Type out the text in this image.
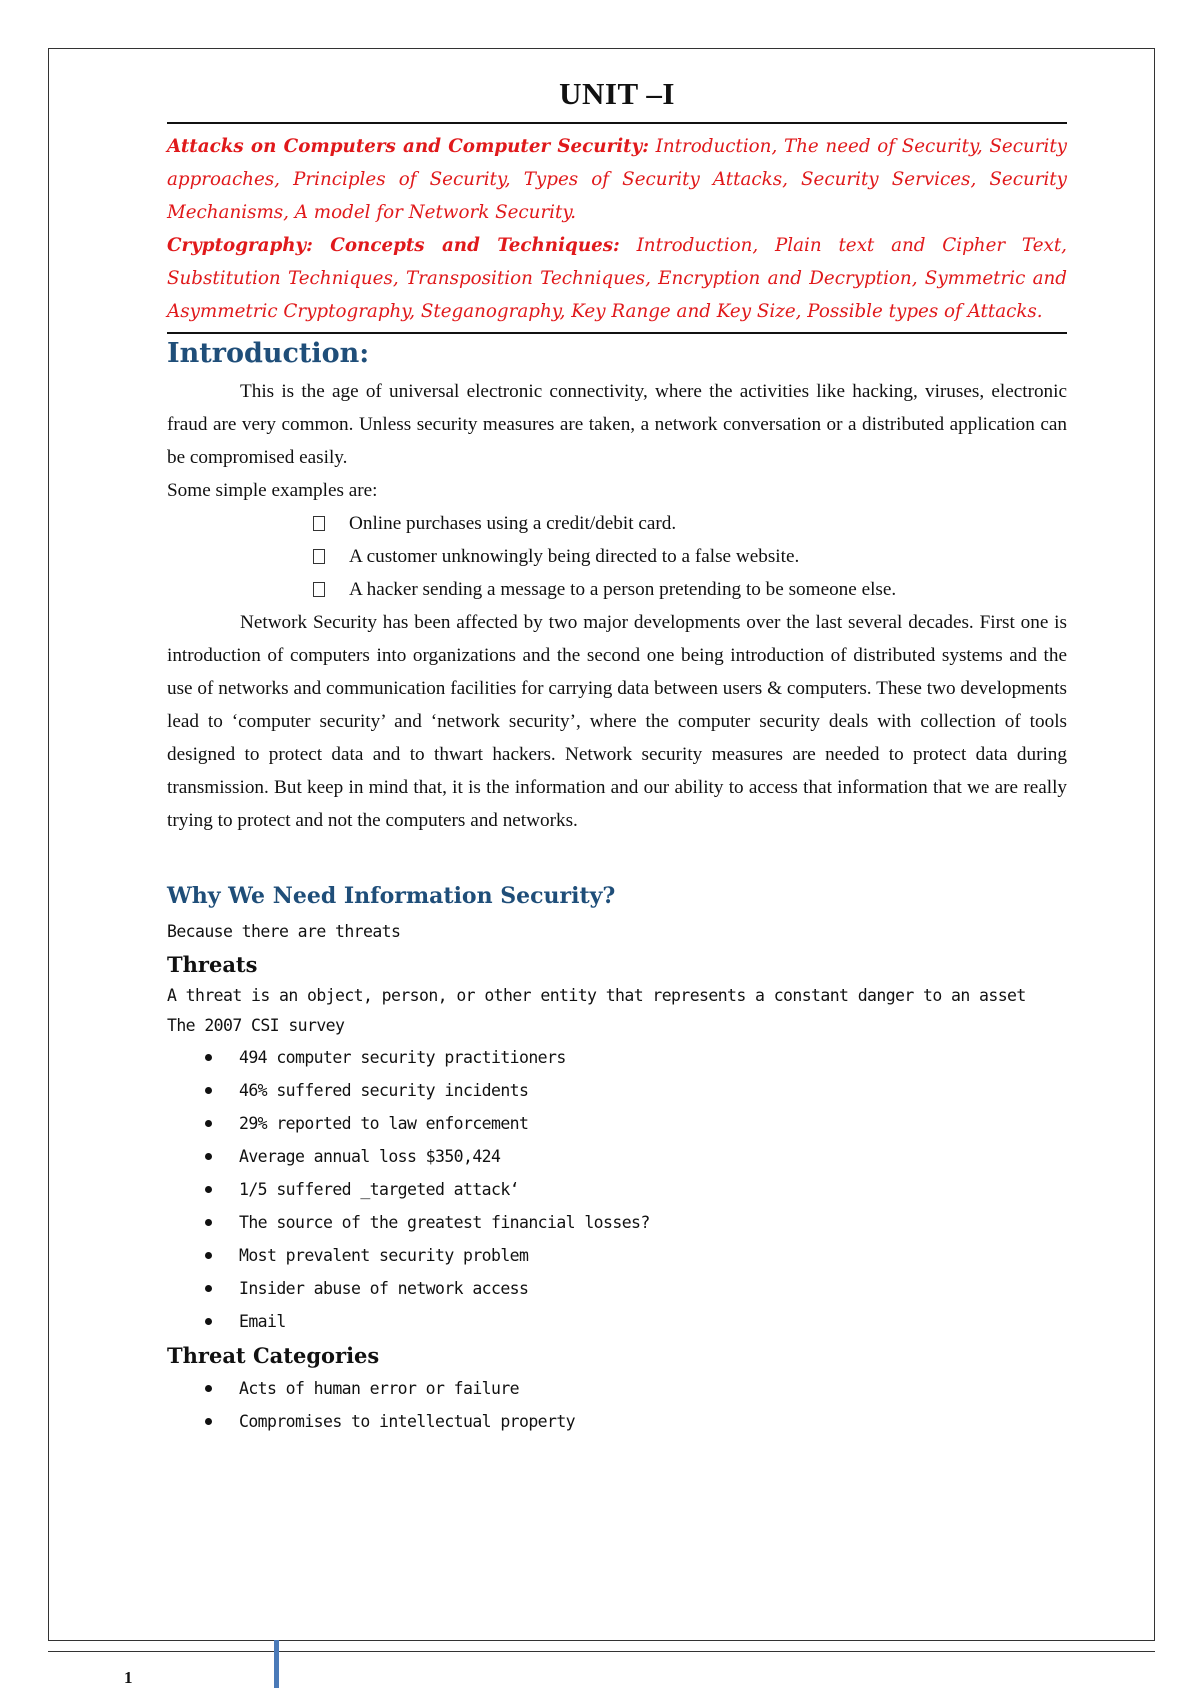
UNIT –I

Attacks on Computers and Computer Security: Introduction, The need of Security, Security approaches, Principles of Security, Types of Security Attacks, Security Services, Security Mechanisms, A model for Network Security.

Cryptography: Concepts and Techniques: Introduction, Plain text and Cipher Text, Substitution Techniques, Transposition Techniques, Encryption and Decryption, Symmetric and Asymmetric Cryptography, Steganography, Key Range and Key Size, Possible types of Attacks.

Introduction:

This is the age of universal electronic connectivity, where the activities like hacking, viruses, electronic fraud are very common. Unless security measures are taken, a network conversation or a distributed application can be compromised easily.

Some simple examples are:

Online purchases using a credit/debit card.
A customer unknowingly being directed to a false website.
A hacker sending a message to a person pretending to be someone else.

Network Security has been affected by two major developments over the last several decades. First one is introduction of computers into organizations and the second one being introduction of distributed systems and the use of networks and communication facilities for carrying data between users & computers. These two developments lead to ‘computer security’ and ‘network security’, where the computer security deals with collection of tools designed to protect data and to thwart hackers. Network security measures are needed to protect data during transmission. But keep in mind that, it is the information and our ability to access that information that we are really trying to protect and not the computers and networks.

Why We Need Information Security?

Because there are threats

Threats

A threat is an object, person, or other entity that represents a constant danger to an asset

The 2007 CSI survey

494 computer security practitioners
46% suffered security incidents
29% reported to law enforcement
Average annual loss $350,424
1/5 suffered _targeted attack‘
The source of the greatest financial losses?
Most prevalent security problem
Insider abuse of network access
Email
Threat Categories
Acts of human error or failure
Compromises to intellectual property
1
